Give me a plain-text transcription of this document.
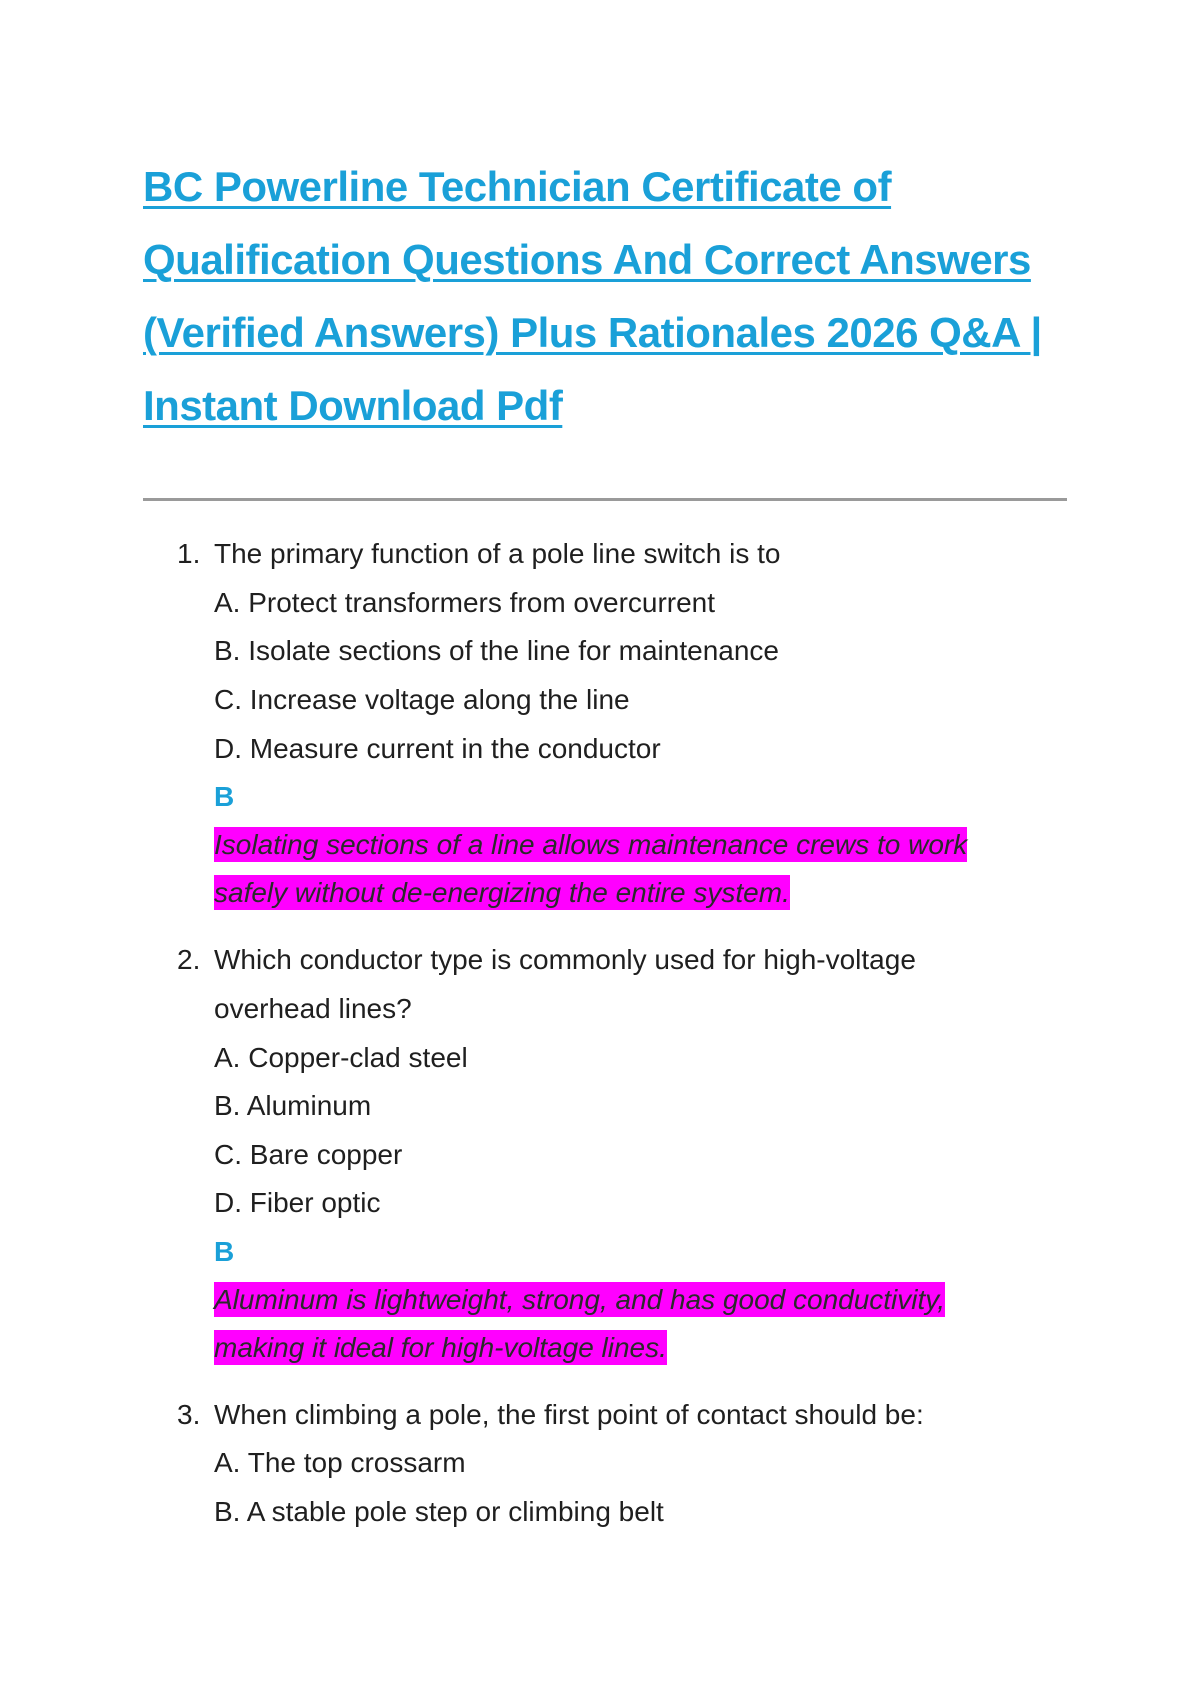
BC Powerline Technician Certificate of Qualification Questions And Correct Answers (Verified Answers) Plus Rationales 2026 Q&A | Instant Download Pdf
1. The primary function of a pole line switch is to
A. Protect transformers from overcurrent
B. Isolate sections of the line for maintenance
C. Increase voltage along the line
D. Measure current in the conductor
B
Isolating sections of a line allows maintenance crews to work safely without de-energizing the entire system.
2. Which conductor type is commonly used for high-voltage overhead lines?
A. Copper-clad steel
B. Aluminum
C. Bare copper
D. Fiber optic
B
Aluminum is lightweight, strong, and has good conductivity, making it ideal for high-voltage lines.
3. When climbing a pole, the first point of contact should be:
A. The top crossarm
B. A stable pole step or climbing belt
